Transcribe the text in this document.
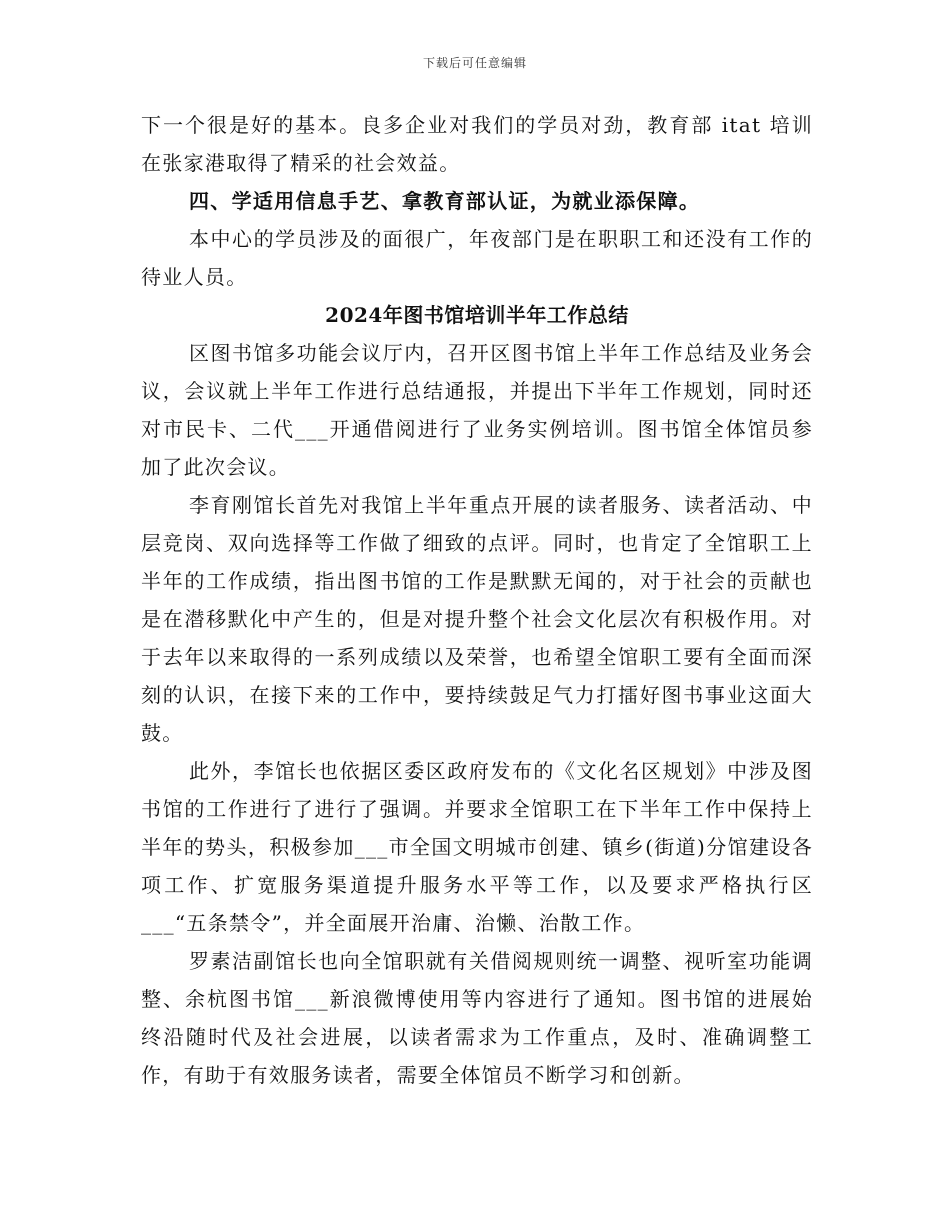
下载后可任意编辑

下一个很是好的基本。良多企业对我们的学员对劲，教育部 itat 培训在张家港取得了精采的社会效益。

四、学适用信息手艺、拿教育部认证，为就业添保障。

本中心的学员涉及的面很广，年夜部门是在职职工和还没有工作的待业人员。

2024年图书馆培训半年工作总结

区图书馆多功能会议厅内，召开区图书馆上半年工作总结及业务会议，会议就上半年工作进行总结通报，并提出下半年工作规划，同时还对市民卡、二代___开通借阅进行了业务实例培训。图书馆全体馆员参加了此次会议。

李育刚馆长首先对我馆上半年重点开展的读者服务、读者活动、中层竞岗、双向选择等工作做了细致的点评。同时，也肯定了全馆职工上半年的工作成绩，指出图书馆的工作是默默无闻的，对于社会的贡献也是在潜移默化中产生的，但是对提升整个社会文化层次有积极作用。对于去年以来取得的一系列成绩以及荣誉，也希望全馆职工要有全面而深刻的认识，在接下来的工作中，要持续鼓足气力打擂好图书事业这面大鼓。

此外，李馆长也依据区委区政府发布的《文化名区规划》中涉及图书馆的工作进行了进行了强调。并要求全馆职工在下半年工作中保持上半年的势头，积极参加___市全国文明城市创建、镇乡(街道)分馆建设各项工作、扩宽服务渠道提升服务水平等工作，以及要求严格执行区___“五条禁令”，并全面展开治庸、治懒、治散工作。

罗素洁副馆长也向全馆职就有关借阅规则统一调整、视听室功能调整、余杭图书馆___新浪微博使用等内容进行了通知。图书馆的进展始终沿随时代及社会进展，以读者需求为工作重点，及时、准确调整工作，有助于有效服务读者，需要全体馆员不断学习和创新。
